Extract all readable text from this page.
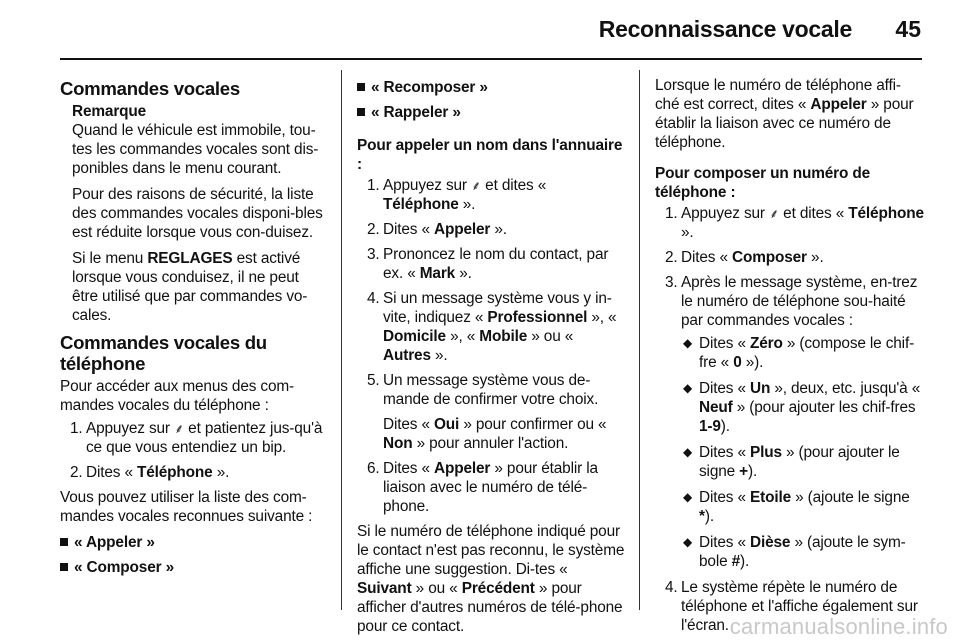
Reconnaissance vocale 45
Commandes vocales
Remarque

Quand le véhicule est immobile, tou-tes les commandes vocales sont dis-ponibles dans le menu courant.

Pour des raisons de sécurité, la liste des commandes vocales disponi-bles est réduite lorsque vous con-duisez.

Si le menu REGLAGES est activé lorsque vous conduisez, il ne peut être utilisé que par commandes vo-cales.

Commandes vocales du téléphone

Pour accéder aux menus des com-mandes vocales du téléphone :

1. Appuyez sur ⸙ et patientez jus-qu'à ce que vous entendiez un bip.
2. Dites « Téléphone ».

Vous pouvez utiliser la liste des com-mandes vocales reconnues suivante :

« Appeler »
« Composer »
« Recomposer »
« Rappeler »
Pour appeler un nom dans l'annuaire :
1. Appuyez sur ⸙ et dites « Téléphone ».
2. Dites « Appeler ».
3. Prononcez le nom du contact, par ex. « Mark ».
4. Si un message système vous y in-vite, indiquez « Professionnel », « Domicile », « Mobile » ou « Autres ».
5. Un message système vous de-mande de confirmer votre choix.
Dites « Oui » pour confirmer ou « Non » pour annuler l'action.
6. Dites « Appeler » pour établir la liaison avec le numéro de télé-phone.

Si le numéro de téléphone indiqué pour le contact n'est pas reconnu, le système affiche une suggestion. Di-tes « Suivant » ou « Précédent » pour afficher d'autres numéros de télé-phone pour ce contact.

Lorsque le numéro de téléphone affi-ché est correct, dites « Appeler » pour établir la liaison avec ce numéro de téléphone.

Pour composer un numéro de téléphone :
1. Appuyez sur ⸙ et dites « Téléphone ».
2. Dites « Composer ».
3. Après le message système, en-trez le numéro de téléphone sou-haité par commandes vocales :
◆ Dites « Zéro » (compose le chif-fre « 0 »).
◆ Dites « Un », deux, etc. jusqu'à « Neuf » (pour ajouter les chif-fres 1-9).
◆ Dites « Plus » (pour ajouter le signe +).
◆ Dites « Etoile » (ajoute le signe *).
◆ Dites « Dièse » (ajoute le sym-bole #).
4. Le système répète le numéro de téléphone et l'affiche également sur l'écran. carmanualsonline.info
